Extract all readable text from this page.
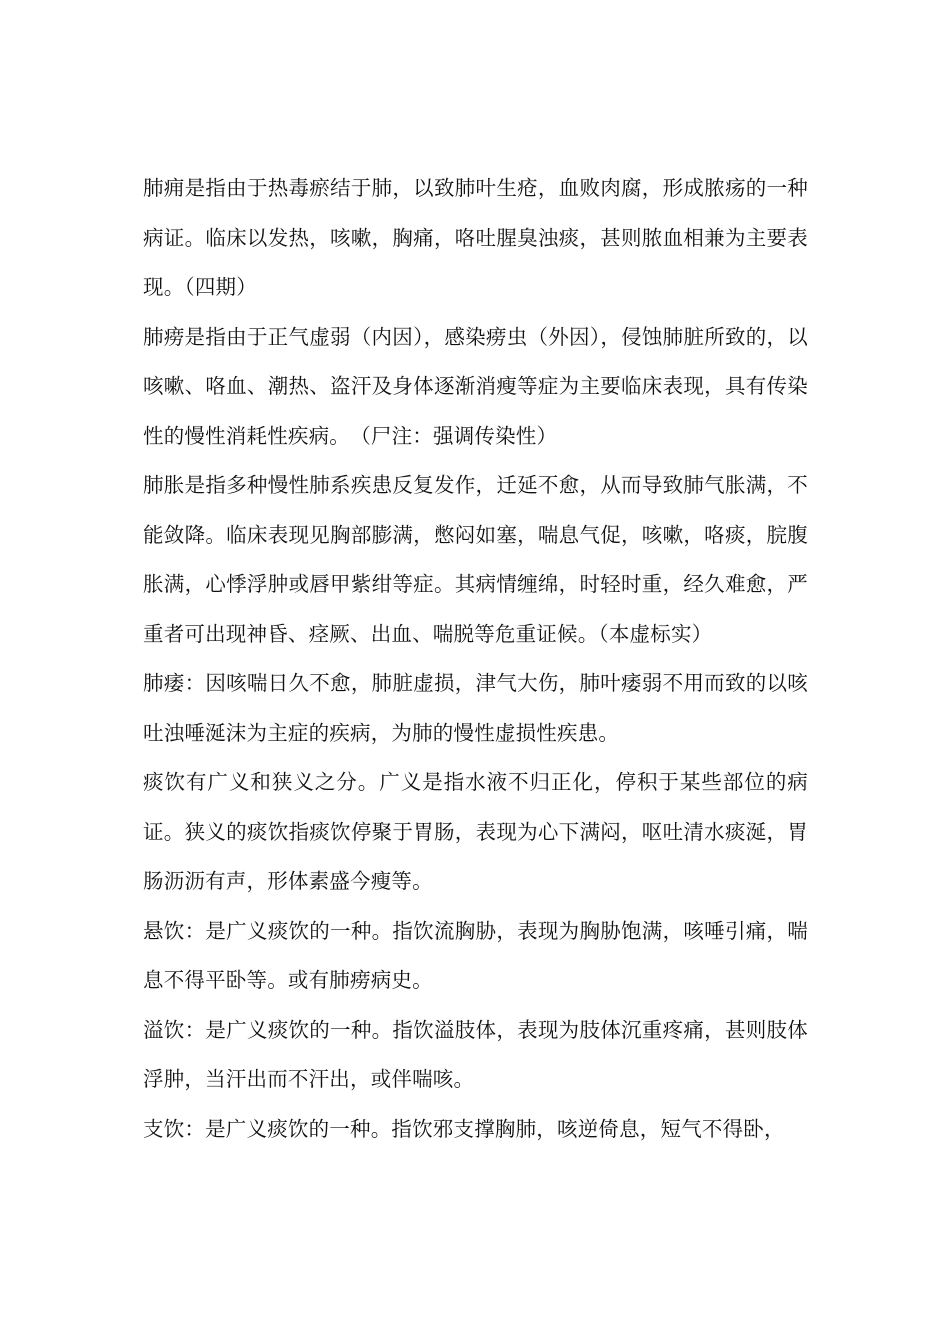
肺痈是指由于热毒瘀结于肺，以致肺叶生疮，血败肉腐，形成脓疡的一种病证。临床以发热，咳嗽，胸痛，咯吐腥臭浊痰，甚则脓血相兼为主要表现。（四期）

肺痨是指由于正气虚弱（内因），感染痨虫（外因），侵蚀肺脏所致的，以咳嗽、咯血、潮热、盗汗及身体逐渐消瘦等症为主要临床表现，具有传染性的慢性消耗性疾病。　（尸注：强调传染性）

肺胀是指多种慢性肺系疾患反复发作，迁延不愈，从而导致肺气胀满，不能敛降。临床表现见胸部膨满，憋闷如塞，喘息气促，咳嗽，咯痰，脘腹胀满，心悸浮肿或唇甲紫绀等症。其病情缠绵，时轻时重，经久难愈，严重者可出现神昏、痉厥、出血、喘脱等危重证候。（本虚标实）

肺痿：因咳喘日久不愈，肺脏虚损，津气大伤，肺叶痿弱不用而致的以咳吐浊唾涎沫为主症的疾病，为肺的慢性虚损性疾患。

痰饮有广义和狭义之分。广义是指水液不归正化，停积于某些部位的病证。狭义的痰饮指痰饮停聚于胃肠，表现为心下满闷，呕吐清水痰涎，胃肠沥沥有声，形体素盛今瘦等。

悬饮：是广义痰饮的一种。指饮流胸胁，表现为胸胁饱满，咳唾引痛，喘息不得平卧等。或有肺痨病史。

溢饮：是广义痰饮的一种。指饮溢肢体，表现为肢体沉重疼痛，甚则肢体浮肿，当汗出而不汗出，或伴喘咳。

支饮：是广义痰饮的一种。指饮邪支撑胸肺，咳逆倚息，短气不得卧，
